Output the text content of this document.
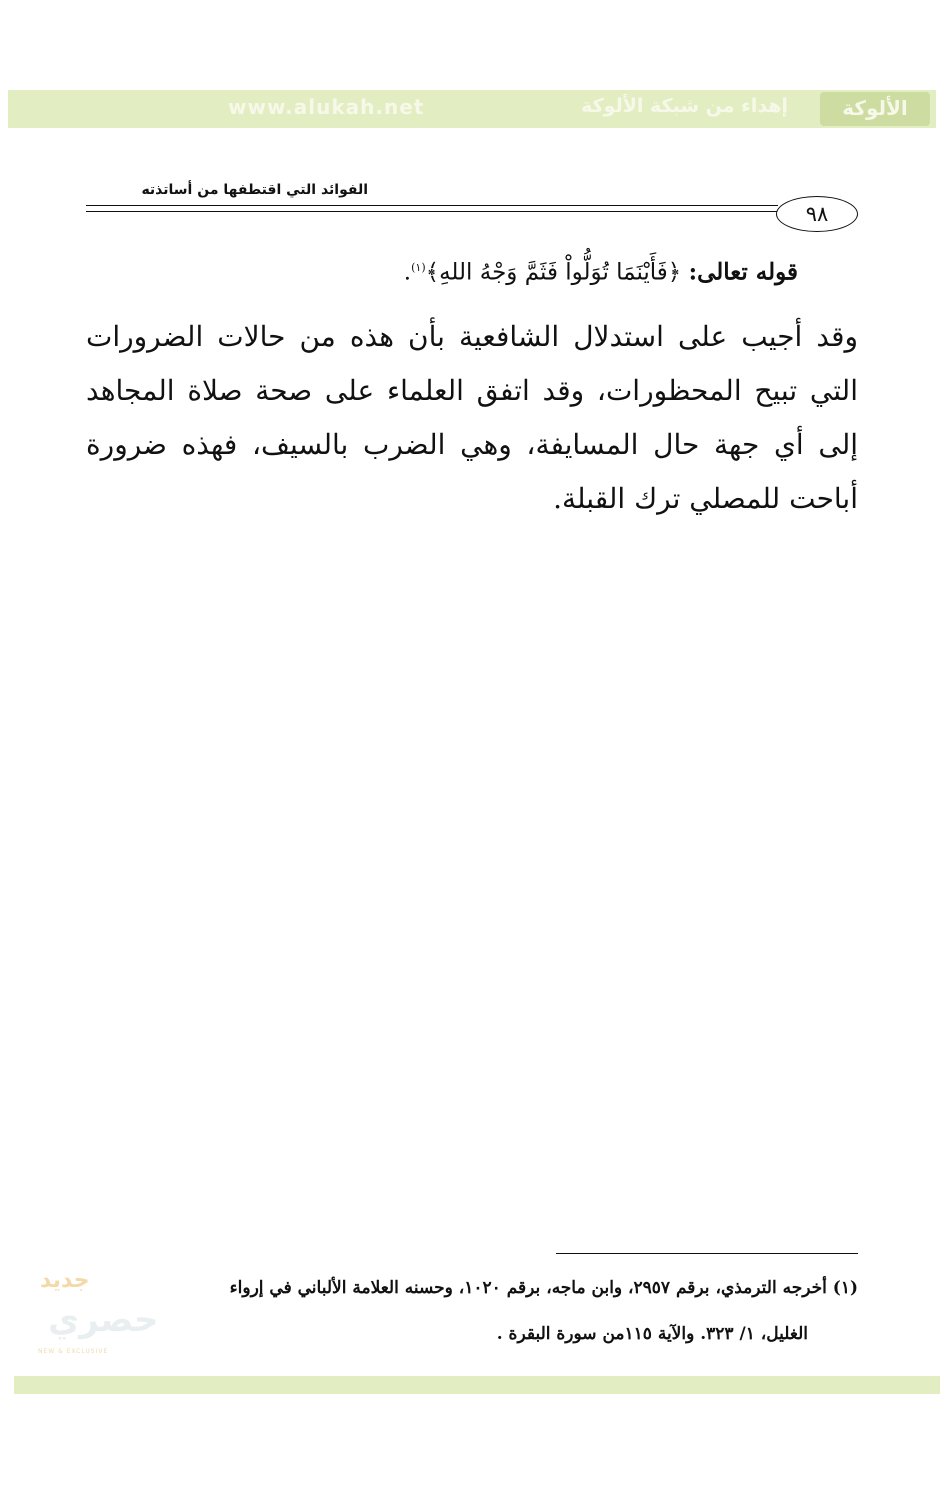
www.alukah.net	إهداء من شبكة الألوكة	الألوكة
الفوائد التي اقتطفها من أساتذته
٩٨
قوله تعالى: ﴿فَأَيْنَمَا تُوَلُّواْ فَثَمَّ وَجْهُ اللهِ﴾$^{(١)}$.
وقد أجيب على استدلال الشافعية بأن هذه من حالات الضرورات التي تبيح المحظورات، وقد اتفق العلماء على صحة صلاة المجاهد إلى أي جهة حال المسايفة، وهي الضرب بالسيف، فهذه ضرورة أباحت للمصلي ترك القبلة.
(١) أخرجه الترمذي، برقم ٢٩٥٧، وابن ماجه، برقم ١٠٢٠، وحسنه العلامة الألباني في إرواء
الغليل، ١/ ٣٢٣. والآية ١١٥من سورة البقرة .
جديد
حصري
NEW & EXCLUSIVE
